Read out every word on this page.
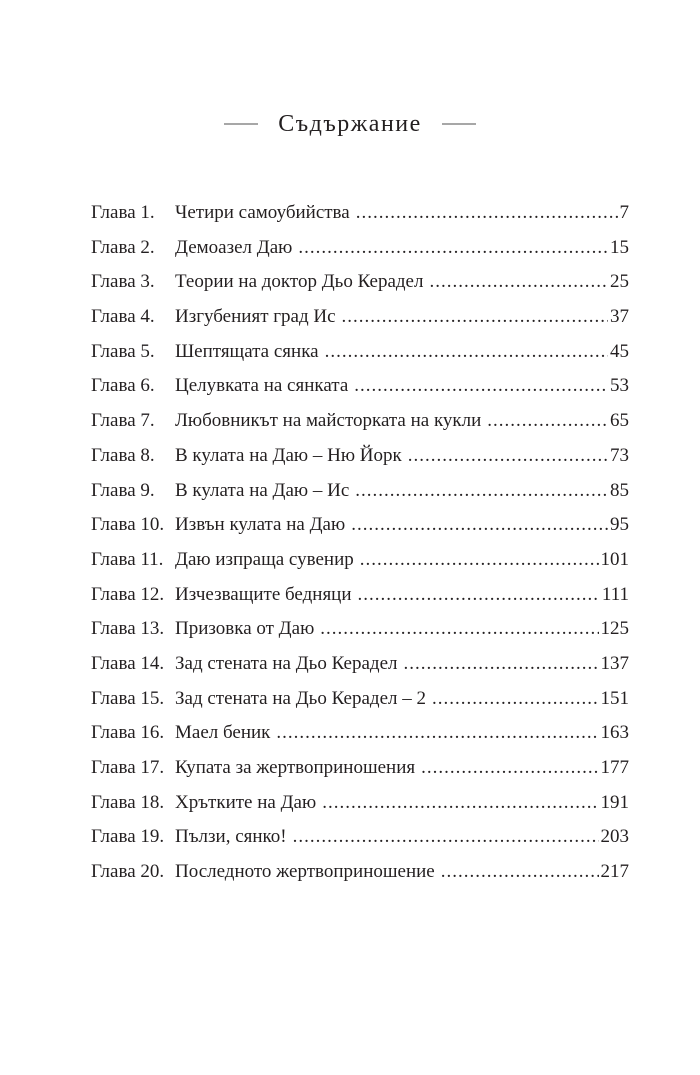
Съдържание
Глава 1.	Четири самоубийства .....	7
Глава 2.	Демоазел Даю .....	15
Глава 3.	Теории на доктор Дьо Керадел .....	25
Глава 4.	Изгубеният град Ис .....	37
Глава 5.	Шептящата сянка .....	45
Глава 6.	Целувката на сянката .....	53
Глава 7.	Любовникът на майсторката на кукли .....	65
Глава 8.	В кулата на Даю – Ню Йорк .....	73
Глава 9.	В кулата на Даю – Ис .....	85
Глава 10. Извън кулата на Даю .....	95
Глава 11. Даю изпраща сувенир .....	101
Глава 12. Изчезващите бедняци .....	111
Глава 13. Призовка от Даю .....	125
Глава 14. Зад стената на Дьо Керадел .....	137
Глава 15. Зад стената на Дьо Керадел – 2 .....	151
Глава 16. Маел беник .....	163
Глава 17. Купата за жертвоприношения .....	177
Глава 18. Хрътките на Даю .....	191
Глава 19. Пълзи, сянко! .....	203
Глава 20. Последното жертвоприношение .....	217
